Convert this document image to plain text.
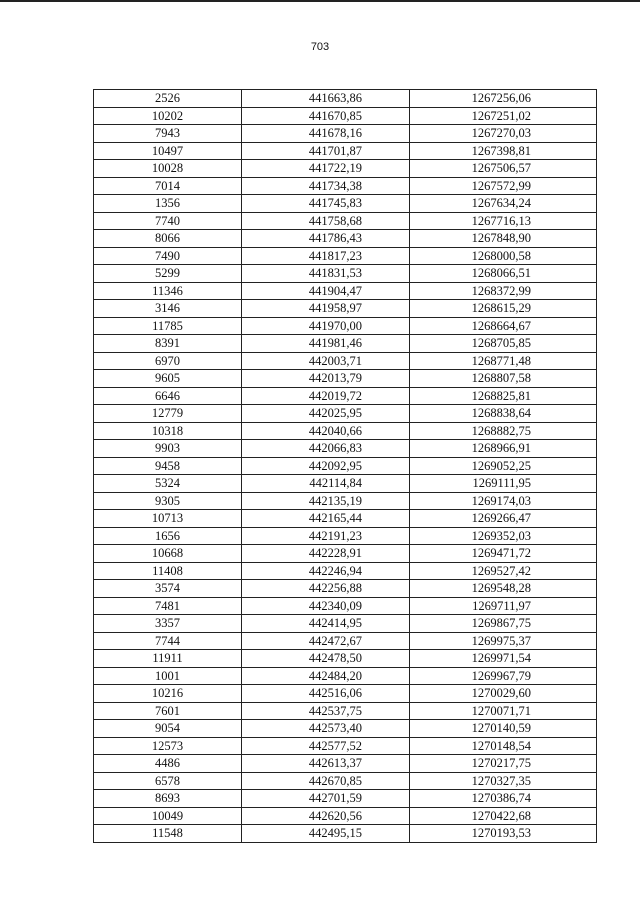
703
2526	441663,86	1267256,06
10202	441670,85	1267251,02
7943	441678,16	1267270,03
10497	441701,87	1267398,81
10028	441722,19	1267506,57
7014	441734,38	1267572,99
1356	441745,83	1267634,24
7740	441758,68	1267716,13
8066	441786,43	1267848,90
7490	441817,23	1268000,58
5299	441831,53	1268066,51
11346	441904,47	1268372,99
3146	441958,97	1268615,29
11785	441970,00	1268664,67
8391	441981,46	1268705,85
6970	442003,71	1268771,48
9605	442013,79	1268807,58
6646	442019,72	1268825,81
12779	442025,95	1268838,64
10318	442040,66	1268882,75
9903	442066,83	1268966,91
9458	442092,95	1269052,25
5324	442114,84	1269111,95
9305	442135,19	1269174,03
10713	442165,44	1269266,47
1656	442191,23	1269352,03
10668	442228,91	1269471,72
11408	442246,94	1269527,42
3574	442256,88	1269548,28
7481	442340,09	1269711,97
3357	442414,95	1269867,75
7744	442472,67	1269975,37
11911	442478,50	1269971,54
1001	442484,20	1269967,79
10216	442516,06	1270029,60
7601	442537,75	1270071,71
9054	442573,40	1270140,59
12573	442577,52	1270148,54
4486	442613,37	1270217,75
6578	442670,85	1270327,35
8693	442701,59	1270386,74
10049	442620,56	1270422,68
11548	442495,15	1270193,53
